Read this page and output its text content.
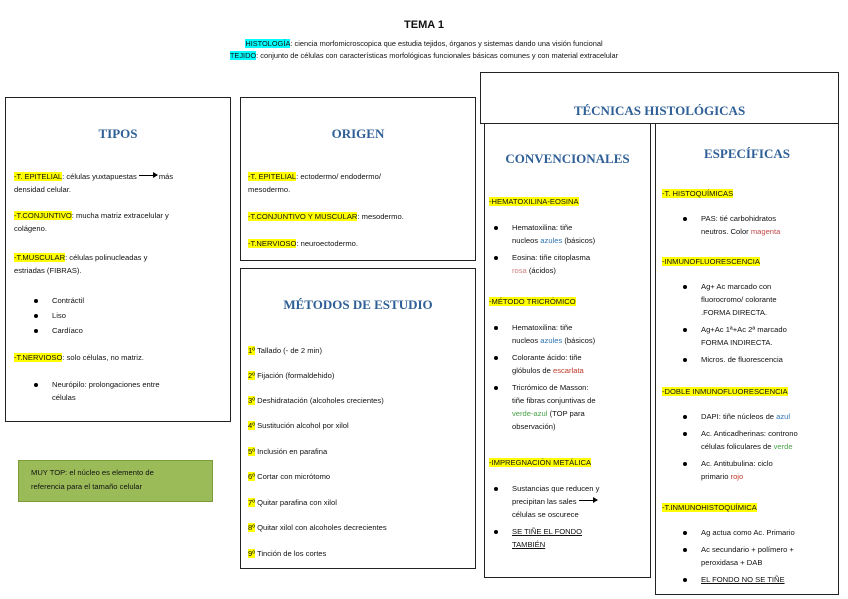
TEMA 1
HISTOLOGÍA: ciencia morfomicroscopica que estudia tejidos, órganos y sistemas dando una visión funcional
TEJIDO: conjunto de células con características morfológicas funcionales básicas comunes y con material extracelular
TIPOS
-T. EPITELIAL: células yuxtapuestas	más
densidad celular.
-T.CONJUNTIVO: mucha matriz extracelular y
colágeno.
-T.MUSCULAR: células polinucleadas y
estriadas (FIBRAS).
Contráctil
Liso
Cardíaco
-T.NERVIOSO: solo células, no matriz.
Neurópilo: prolongaciones entre
células
ORIGEN
-T. EPITELIAL: ectodermo/ endodermo/
mesodermo.
-T.CONJUNTIVO Y MUSCULAR: mesodermo.
-T.NERVIOSO: neuroectodermo.
MÉTODOS DE ESTUDIO
1º Tallado (- de 2 min)
2º Fijación (formaldehido)
3º Deshidratación (alcoholes crecientes)
4º Sustitución alcohol por xilol
5º Inclusión en parafina
6º Cortar con micrótomo
7º Quitar parafina con xilol
8º Quitar xilol con alcoholes decrecientes
9º Tinción de los cortes
MUY TOP: el núcleo es elemento de
referencia para el tamaño celular
TÉCNICAS HISTOLÓGICAS
CONVENCIONALES
-HEMATOXILINA-EOSINA
Hematoxilina: tiñe
nucleos azules (básicos)
Eosina: tiñe citoplasma
rosa (ácidos)
-MÉTODO TRICRÓMICO
Hematoxilina: tiñe
nucleos azules (básicos)
Colorante ácido: tiñe
glóbulos de escarlata
Tricrómico de Masson:
tiñe fibras conjuntivas de
verde-azul (TOP para
observación)
-IMPREGNACIÓN METÁLICA
Sustancias que reducen y
precipitan las sales
células se oscurece
SE TIÑE EL FONDO
TAMBIÉN
ESPECÍFICAS
-T. HISTOQUÍMICAS
PAS: tié carbohidratos
neutros. Color magenta
-INMUNOFLUORESCENCIA
Ag+ Ac marcado con
fluorocromo/ colorante
.FORMA DIRECTA.
Ag+Ac 1ª+Ac 2ª marcado
FORMA INDIRECTA.
Micros. de fluorescencia
-DOBLE INMUNOFLUORESCENCIA
DAPI: tiñe núcleos de azul
Ac. Anticadherinas: controno
células foliculares de verde
Ac. Antitubulina: ciclo
primario rojo
-T.INMUNOHISTOQUÍMICA
Ag actua como Ac. Primario
Ac secundario + polímero +
peroxidasa + DAB
EL FONDO NO SE TIÑE
